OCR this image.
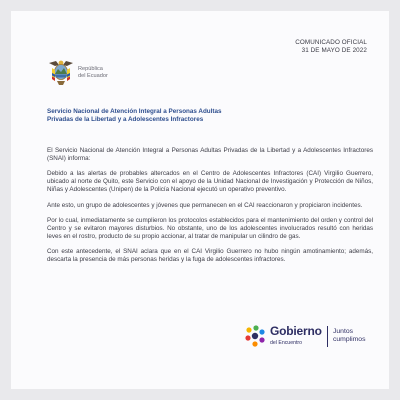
COMUNICADO OFICIAL
31 DE MAYO DE 2022
República
del Ecuador
Servicio Nacional de Atención Integral a Personas Adultas
Privadas de la Libertad y a Adolescentes Infractores

El Servicio Nacional de Atención Integral a Personas Adultas Privadas de la Libertad y a Adolescentes Infractores (SNAI) informa:

Debido a las alertas de probables altercados en el Centro de Adolescentes Infractores (CAI) Virgilio Guerrero, ubicado al norte de Quito, este Servicio con el apoyo de la Unidad Nacional de Investigación y Protección de Niños, Niñas y Adolescentes (Unipen) de la Policía Nacional ejecutó un operativo preventivo.

Ante esto, un grupo de adolescentes y jóvenes que permanecen en el CAI reaccionaron y propiciaron incidentes.

Por lo cual, inmediatamente se cumplieron los protocolos establecidos para el mantenimiento del orden y control del Centro y se evitaron mayores disturbios. No obstante, uno de los adolescentes involucrados resultó con heridas leves en el rostro, producto de su propio accionar, al tratar de manipular un cilindro de gas.

Con este antecedente, el SNAI aclara que en el CAI Virgilio Guerrero no hubo ningún amotinamiento; además, descarta la presencia de más personas heridas y la fuga de adolescentes infractores.

Gobierno
del Encuentro
Juntos
cumplimos
